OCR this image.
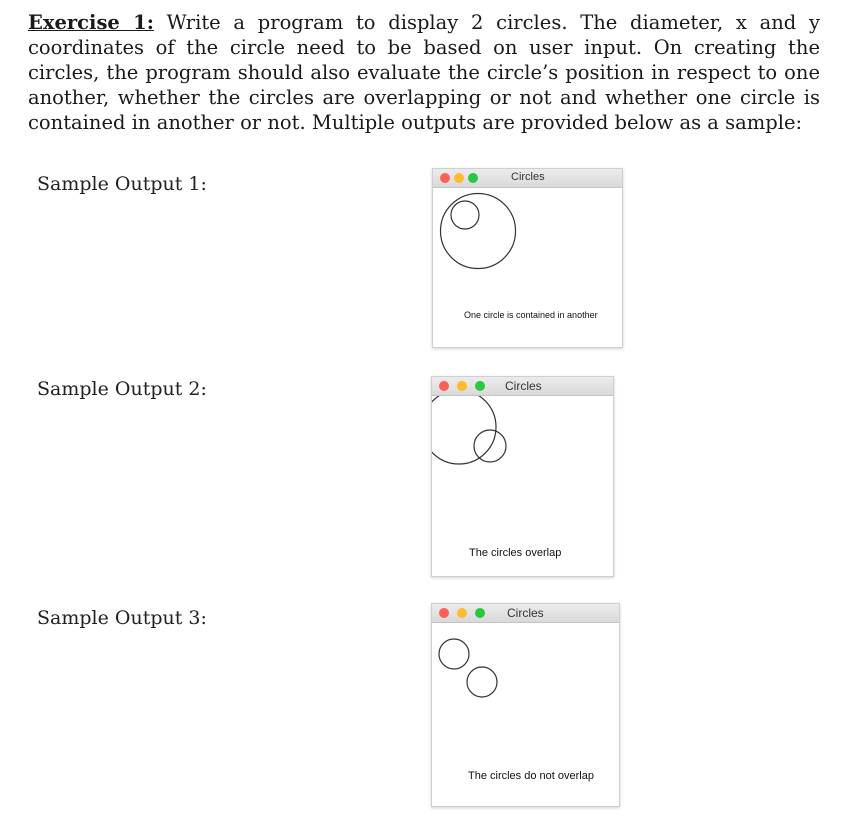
Exercise 1: Write a program to display 2 circles. The diameter, x and y coordinates of the circle need to be based on user input. On creating the circles, the program should also evaluate the circle’s position in respect to one another, whether the circles are overlapping or not and whether one circle is contained in another or not. Multiple outputs are provided below as a sample:

Sample Output 1:	Circles
One circle is contained in another
Sample Output 2:	Circles
The circles overlap
Sample Output 3:	Circles
The circles do not overlap
